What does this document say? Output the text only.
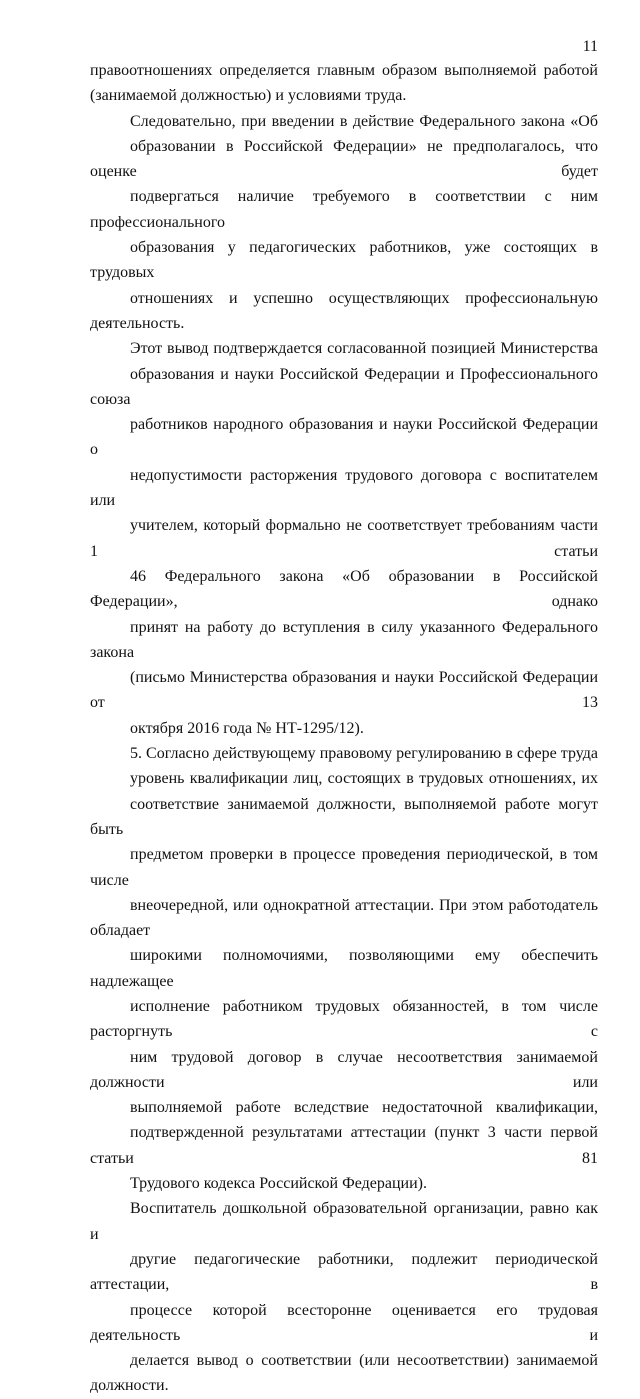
11

правоотношениях определяется главным образом выполняемой работой
(занимаемой должностью) и условиями труда.

Следовательно, при введении в действие Федерального закона «Об
образовании в Российской Федерации» не предполагалось, что оценке будет
подвергаться наличие требуемого в соответствии с ним профессионального
образования у педагогических работников, уже состоящих в трудовых
отношениях и успешно осуществляющих профессиональную деятельность.

Этот вывод подтверждается согласованной позицией Министерства
образования и науки Российской Федерации и Профессионального союза
работников народного образования и науки Российской Федерации о
недопустимости расторжения трудового договора с воспитателем или
учителем, который формально не соответствует требованиям части 1 статьи
46 Федерального закона «Об образовании в Российской Федерации», однако
принят на работу до вступления в силу указанного Федерального закона
(письмо Министерства образования и науки Российской Федерации от 13
октября 2016 года № НТ-1295/12).

5. Согласно действующему правовому регулированию в сфере труда
уровень квалификации лиц, состоящих в трудовых отношениях, их
соответствие занимаемой должности, выполняемой работе могут быть
предметом проверки в процессе проведения периодической, в том числе
внеочередной, или однократной аттестации. При этом работодатель обладает
широкими полномочиями, позволяющими ему обеспечить надлежащее
исполнение работником трудовых обязанностей, в том числе расторгнуть с
ним трудовой договор в случае несоответствия занимаемой должности или
выполняемой работе вследствие недостаточной квалификации,
подтвержденной результатами аттестации (пункт 3 части первой статьи 81
Трудового кодекса Российской Федерации).

Воспитатель дошкольной образовательной организации, равно как и
другие педагогические работники, подлежит периодической аттестации, в
процессе которой всесторонне оценивается его трудовая деятельность и
делается вывод о соответствии (или несоответствии) занимаемой должности.
